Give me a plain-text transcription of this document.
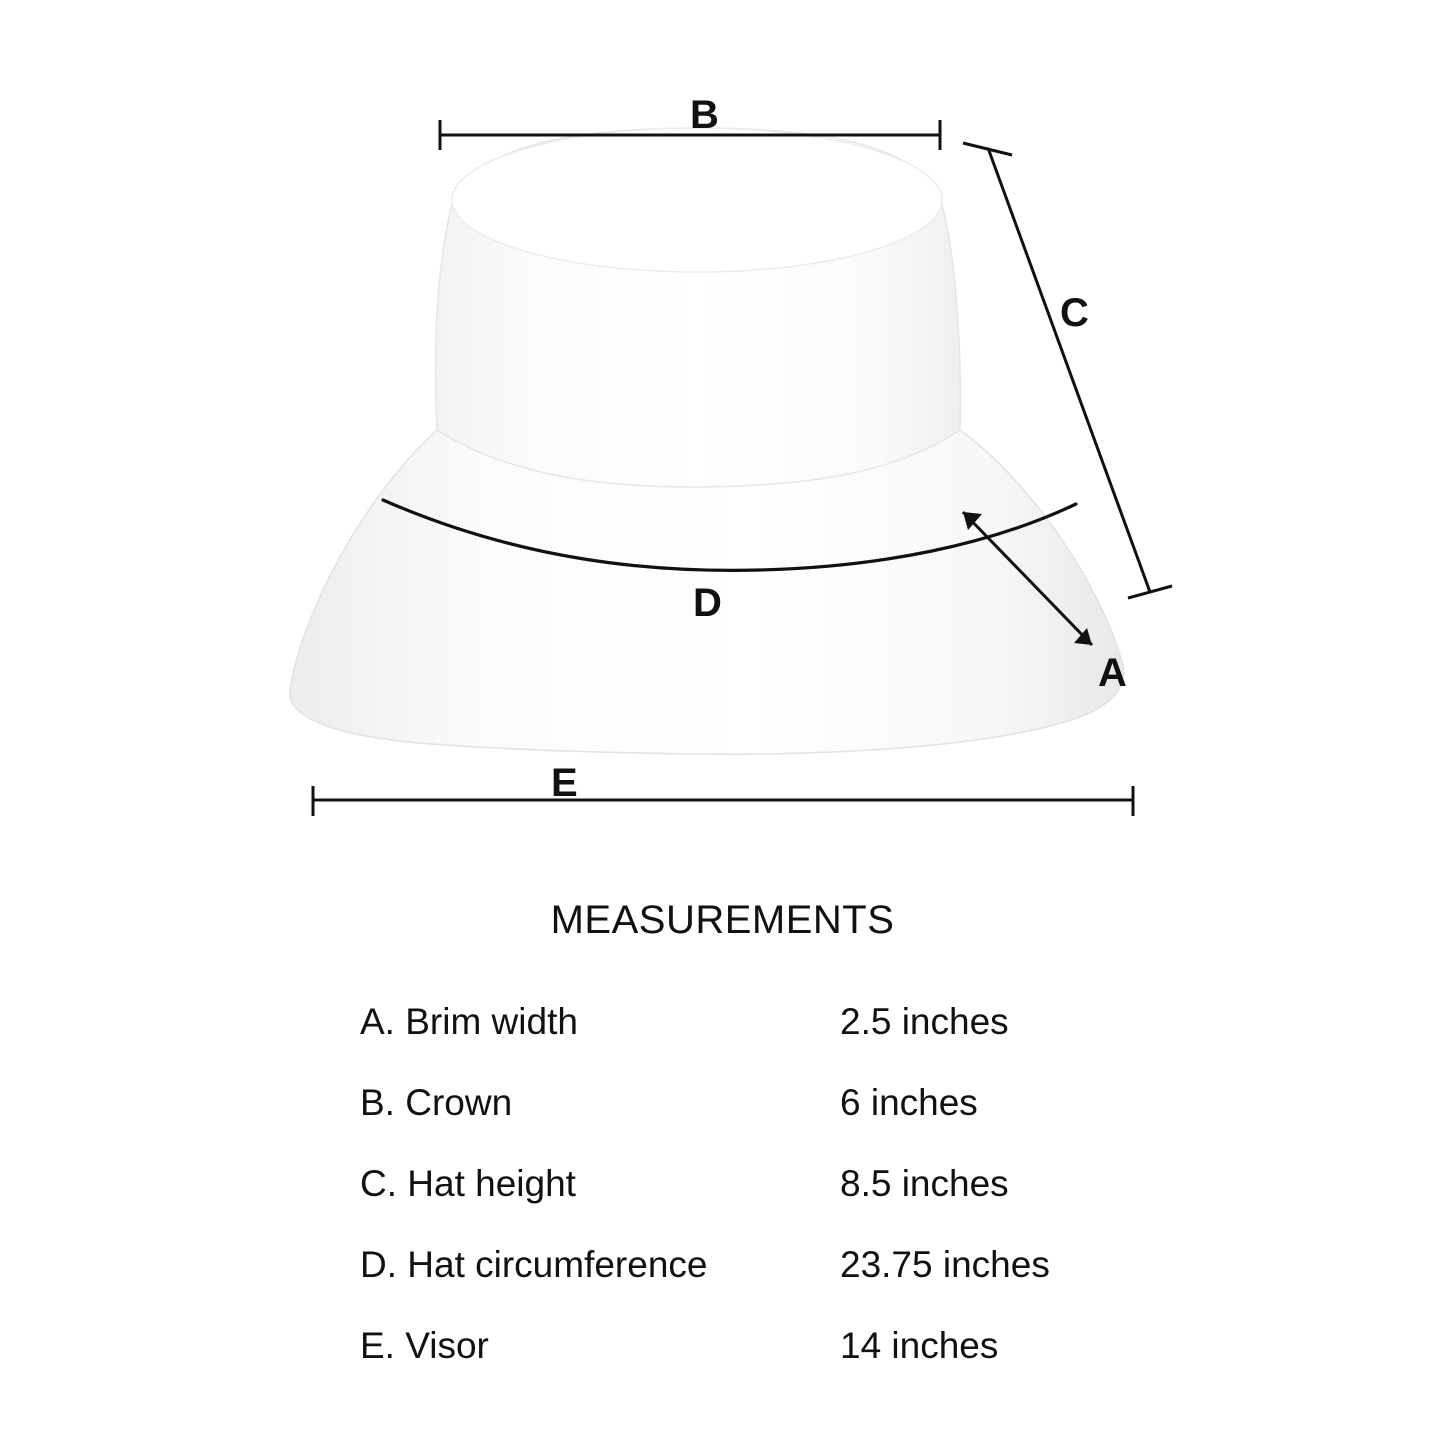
B
C
D
A
E
MEASUREMENTS
	A. Brim width	2.5 inches
	B. Crown	6 inches
	C. Hat height	8.5 inches
	D. Hat circumference	23.75 inches
	E. Visor	14 inches
